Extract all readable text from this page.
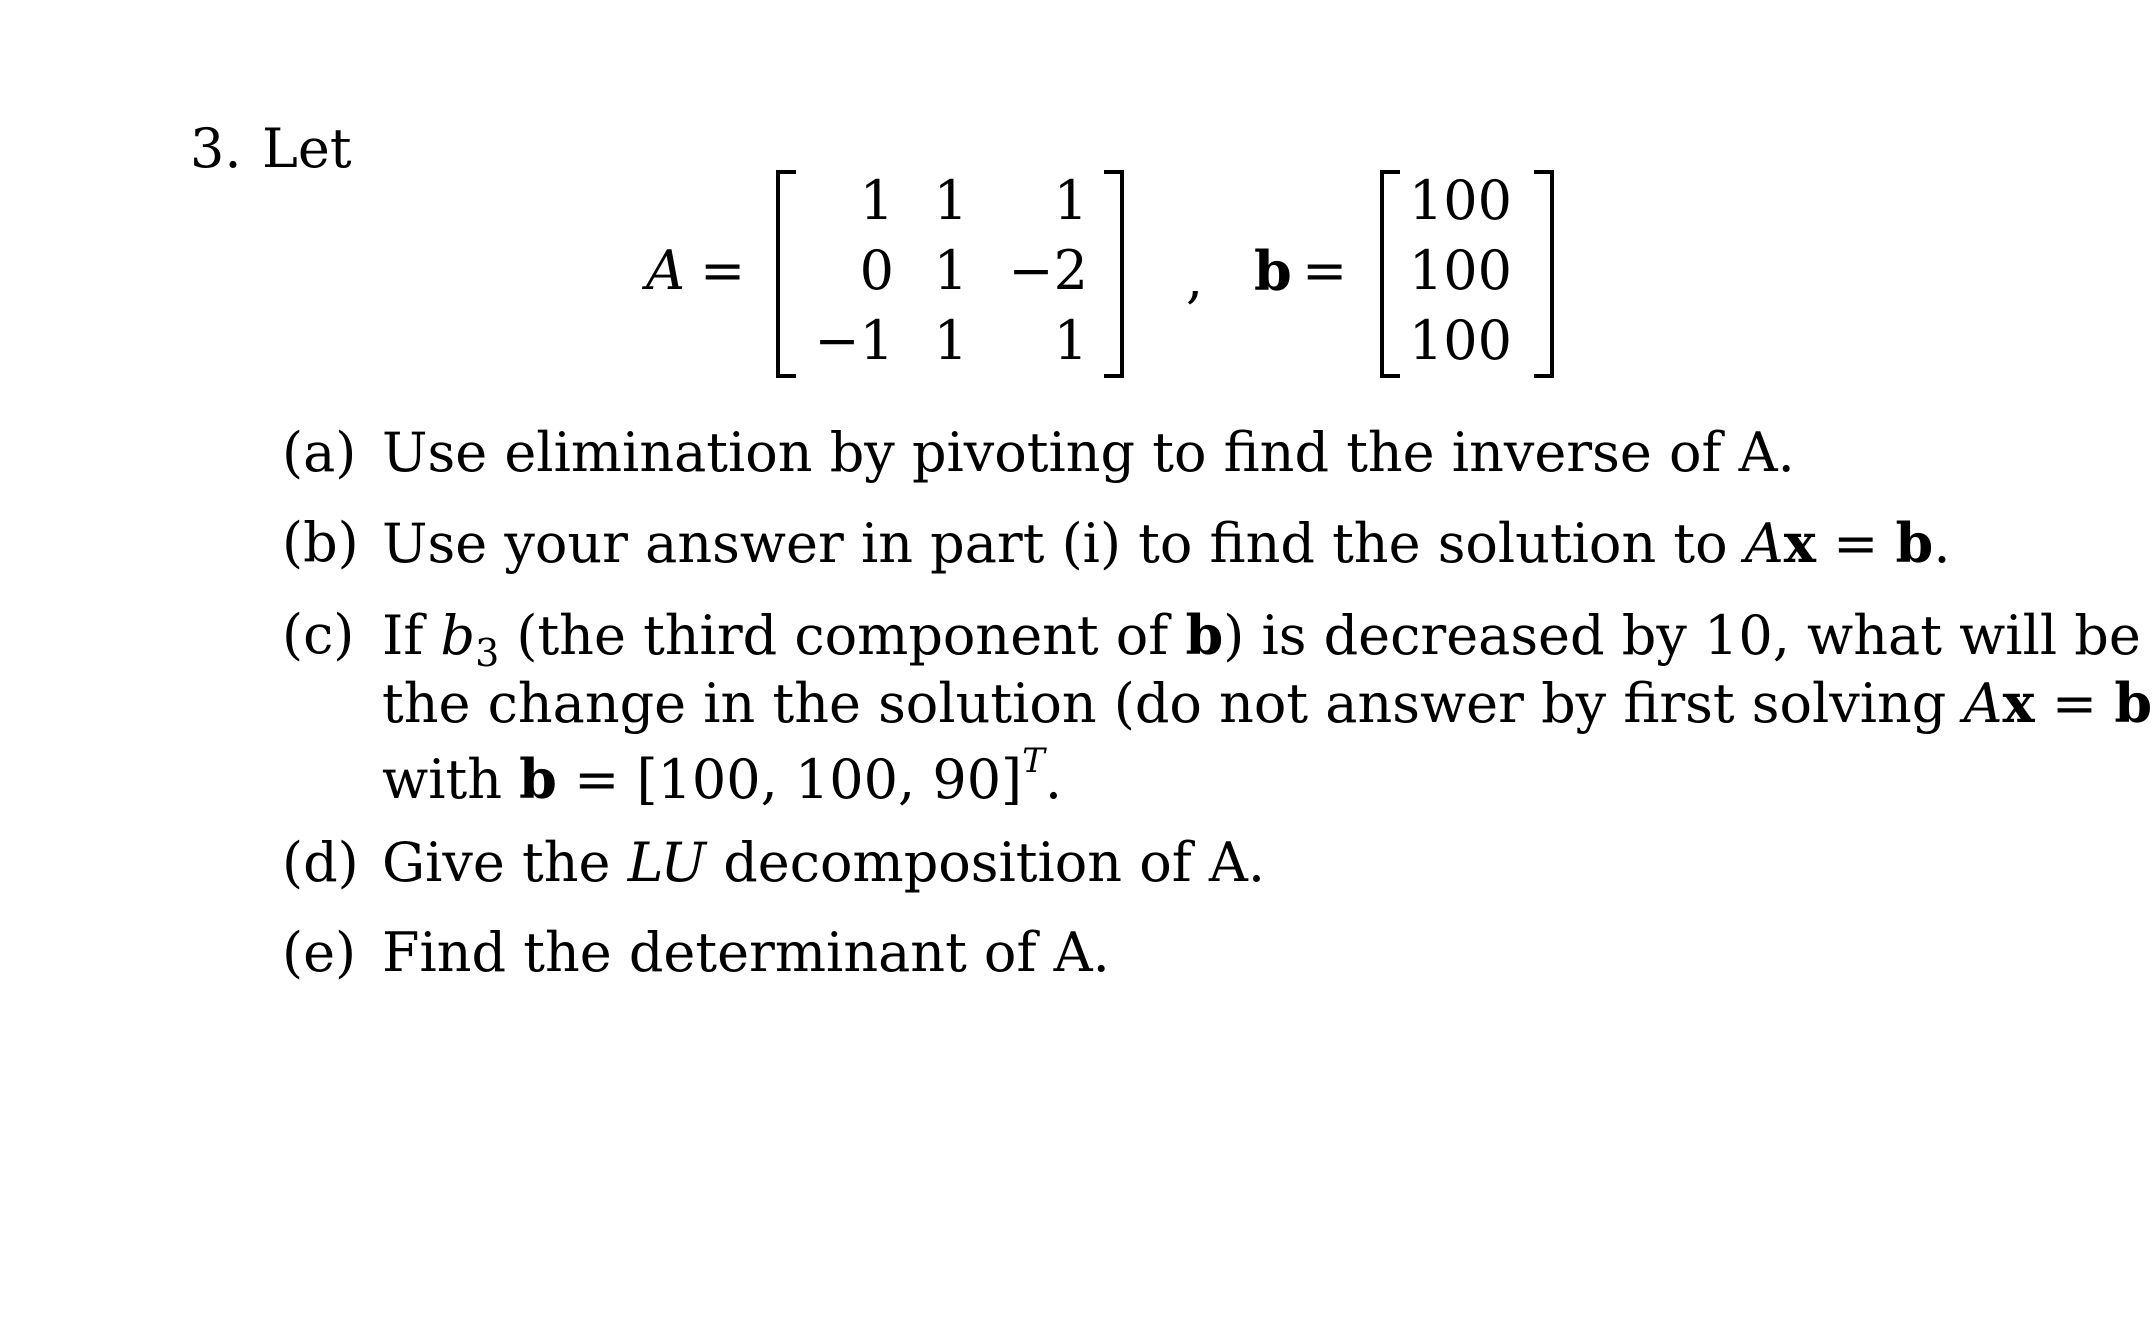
3. Let
A =
1 1	1
0 1 −2
−1 1	1
, b =
100
100
100
(a) Use elimination by pivoting to find the inverse of A.
(b) Use your answer in part (i) to find the solution to Ax = b.
(c) If $b_3$ (the third component of b) is decreased by 10, what will be
the change in the solution (do not answer by first solving Ax = b
with b = [100, 100, 90]$^T$.
(d) Give the LU decomposition of A.
(e) Find the determinant of A.
